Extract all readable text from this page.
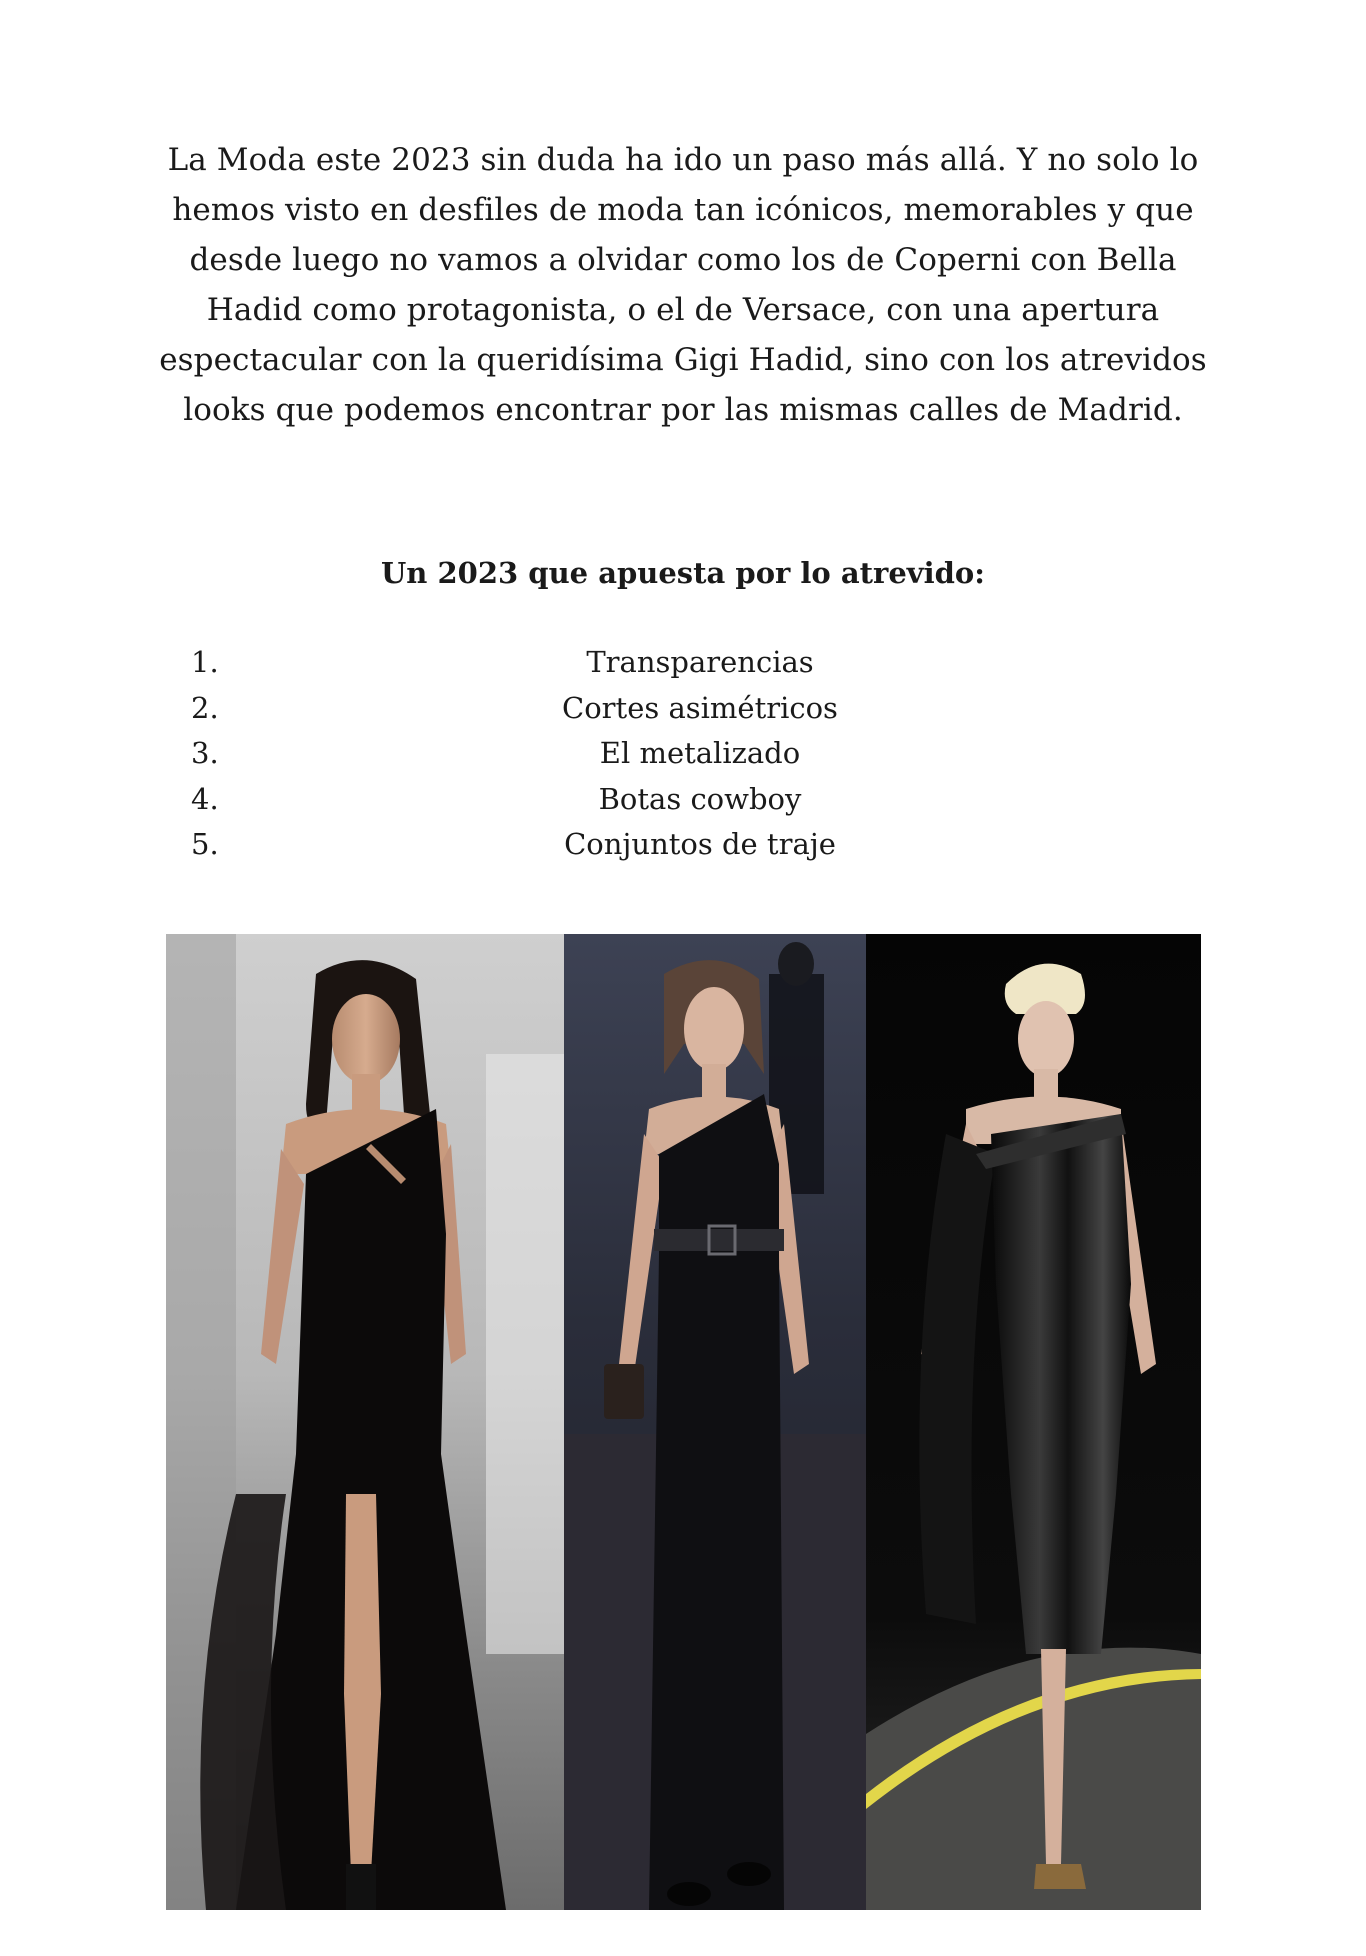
La Moda este 2023 sin duda ha ido un paso más allá. Y no solo lo hemos visto en desfiles de moda tan icónicos, memorables y que desde luego no vamos a olvidar como los de Coperni con Bella Hadid como protagonista, o el de Versace, con una apertura espectacular con la queridísima Gigi Hadid, sino con los atrevidos looks que podemos encontrar por las mismas calles de Madrid.

Un 2023 que apuesta por lo atrevido:
1.	Transparencias
2.	Cortes asimétricos
3.	El metalizado
4.	Botas cowboy
5.	Conjuntos de traje
